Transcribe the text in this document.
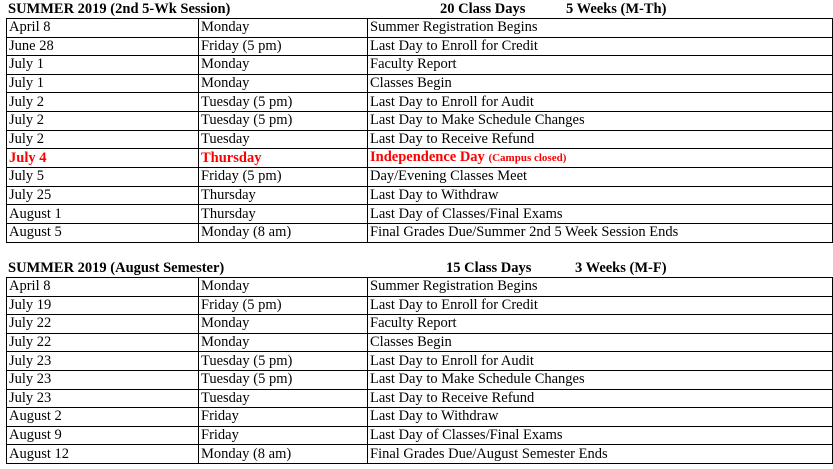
SUMMER 2019 (2nd 5-Wk Session)	20 Class Days	5 Weeks (M-Th)
April 8	Monday	Summer Registration Begins
June 28	Friday (5 pm)	Last Day to Enroll for Credit
July 1	Monday	Faculty Report
July 1	Monday	Classes Begin
July 2	Tuesday (5 pm)	Last Day to Enroll for Audit
July 2	Tuesday (5 pm)	Last Day to Make Schedule Changes
July 2	Tuesday	Last Day to Receive Refund
July 4	Thursday	Independence Day (Campus closed)
July 5	Friday (5 pm)	Day/Evening Classes Meet
July 25	Thursday	Last Day to Withdraw
August 1	Thursday	Last Day of Classes/Final Exams
August 5	Monday (8 am)	Final Grades Due/Summer 2nd 5 Week Session Ends
SUMMER 2019 (August Semester)	15 Class Days	3 Weeks (M-F)
April 8	Monday	Summer Registration Begins
July 19	Friday (5 pm)	Last Day to Enroll for Credit
July 22	Monday	Faculty Report
July 22	Monday	Classes Begin
July 23	Tuesday (5 pm)	Last Day to Enroll for Audit
July 23	Tuesday (5 pm)	Last Day to Make Schedule Changes
July 23	Tuesday	Last Day to Receive Refund
August 2	Friday	Last Day to Withdraw
August 9	Friday	Last Day of Classes/Final Exams
August 12	Monday (8 am)	Final Grades Due/August Semester Ends
